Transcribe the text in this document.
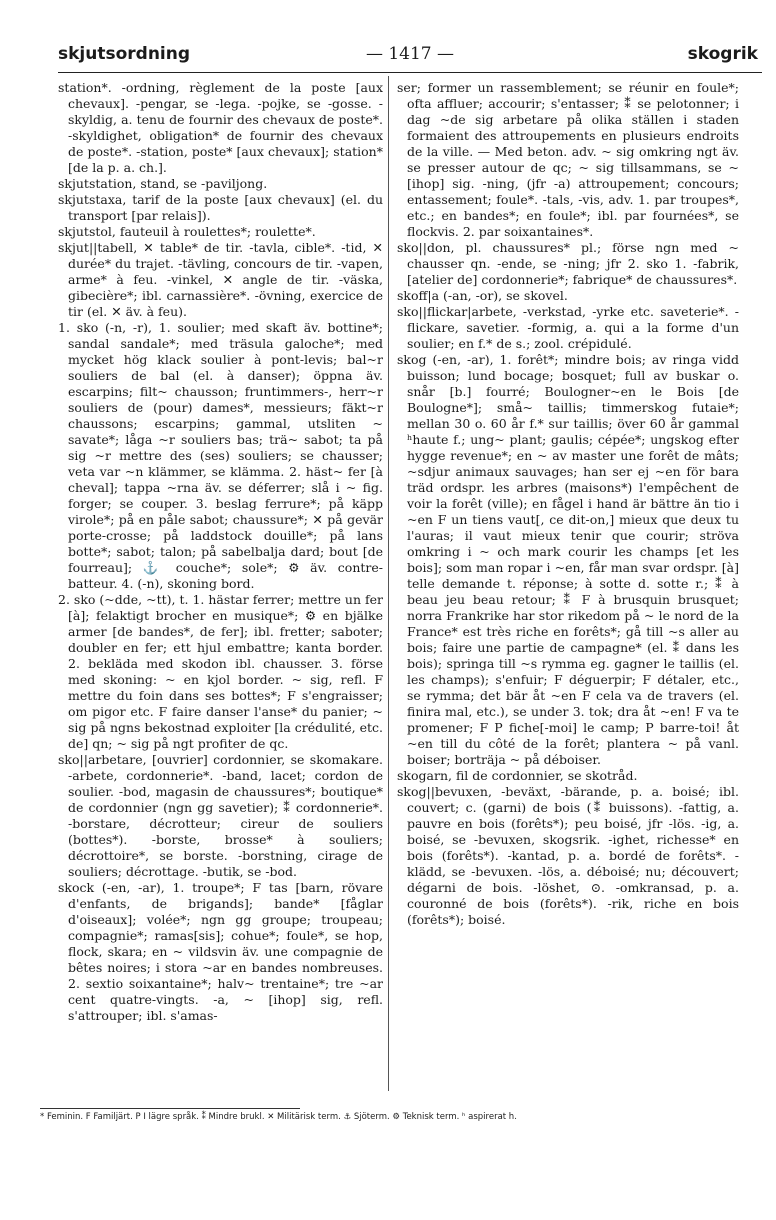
skjutsordning	— 1417 —	skogrik

station*. -ordning, règlement de la poste [aux chevaux]. -pengar, se -lega. -pojke, se -gosse. -skyldig, a. tenu de fournir des chevaux de poste*. -skyldighet, obligation* de fournir des chevaux de poste*. -station, poste* [aux chevaux]; station* [de la p. a. ch.].

skjutstation, stand, se -paviljong.

skjutstaxa, tarif de la poste [aux chevaux] (el. du transport [par relais]).

skjutstol, fauteuil à roulettes*; roulette*.

skjut||tabell, ✕ table* de tir. -tavla, cible*. -tid, ✕ durée* du trajet. -tävling, concours de tir. -vapen, arme* à feu. -vinkel, ✕ angle de tir. -väska, gibecière*; ibl. carnassière*. -övning, exercice de tir (el. ✕ äv. à feu).

1. sko (-n, -r), 1. soulier; med skaft äv. bottine*; sandal sandale*; med träsula galoche*; med mycket hög klack soulier à pont-levis; bal~r souliers de bal (el. à danser); öppna äv. escarpins; filt~ chausson; fruntimmers-, herr~r souliers de (pour) dames*, messieurs; fäkt~r chaussons; escarpins; gammal, utsliten ~ savate*; låga ~r souliers bas; trä~ sabot; ta på sig ~r mettre des (ses) souliers; se chausser; veta var ~n klämmer, se klämma. 2. häst~ fer [à cheval]; tappa ~rna äv. se déferrer; slå i ~ fig. forger; se couper. 3. beslag ferrure*; på käpp virole*; på en påle sabot; chaussure*; ✕ på gevär porte-crosse; på laddstock douille*; på lans botte*; sabot; talon; på sabelbalja dard; bout [de fourreau]; ⚓ couche*; sole*; ⚙ äv. contre-batteur. 4. (-n), skoning bord.

2. sko (~dde, ~tt), t. 1. hästar ferrer; mettre un fer [à]; felaktigt brocher en musique*; ⚙ en bjälke armer [de bandes*, de fer]; ibl. fretter; saboter; doubler en fer; ett hjul embattre; kanta border. 2. bekläda med skodon ibl. chausser. 3. förse med skoning: ~ en kjol border. ~ sig, refl. F mettre du foin dans ses bottes*; F s'engraisser; om pigor etc. F faire danser l'anse* du panier; ~ sig på ngns bekostnad exploiter [la crédulité, etc. de] qn; ~ sig på ngt profiter de qc.

sko||arbetare, [ouvrier] cordonnier, se skomakare. -arbete, cordonnerie*. -band, lacet; cordon de soulier. -bod, magasin de chaussures*; boutique* de cordonnier (ngn gg savetier); ⁑ cordonnerie*. -borstare, décrotteur; cireur de souliers (bottes*). -borste, brosse* à souliers; décrottoire*, se borste. -borstning, cirage de souliers; décrottage. -butik, se -bod.

skock (-en, -ar), 1. troupe*; F tas [barn, rövare d'enfants, de brigands]; bande* [fåglar d'oiseaux]; volée*; ngn gg groupe; troupeau; compagnie*; ramas[sis]; cohue*; foule*, se hop, flock, skara; en ~ vildsvin äv. une compagnie de bêtes noires; i stora ~ar en bandes nombreuses. 2. sextio soixantaine*; halv~ trentaine*; tre ~ar cent quatre-vingts. -a, ~ [ihop] sig, refl. s'attrouper; ibl. s'amas-

ser; former un rassemblement; se réunir en foule*; ofta affluer; accourir; s'entasser; ⁑ se pelotonner; i dag ~de sig arbetare på olika ställen i staden formaient des attroupements en plusieurs endroits de la ville. — Med beton. adv. ~ sig omkring ngt äv. se presser autour de qc; ~ sig tillsammans, se ~ [ihop] sig. -ning, (jfr -a) attroupement; concours; entassement; foule*. -tals, -vis, adv. 1. par troupes*, etc.; en bandes*; en foule*; ibl. par fournées*, se flockvis. 2. par soixantaines*.

sko||don, pl. chaussures* pl.; förse ngn med ~ chausser qn. -ende, se -ning; jfr 2. sko 1. -fabrik, [atelier de] cordonnerie*; fabrique* de chaussures*.

skoff|a (-an, -or), se skovel.

sko||flickar|arbete, -verkstad, -yrke etc. saveterie*. -flickare, savetier. -formig, a. qui a la forme d'un soulier; en f.* de s.; zool. crépidulé.

skog (-en, -ar), 1. forêt*; mindre bois; av ringa vidd buisson; lund bocage; bosquet; full av buskar o. snår [b.] fourré; Boulogner~en le Bois [de Boulogne*]; små~ taillis; timmerskog futaie*; mellan 30 o. 60 år f.* sur taillis; över 60 år gammal ʰhaute f.; ung~ plant; gaulis; cépée*; ungskog efter hygge revenue*; en ~ av master une forêt de mâts; ~sdjur animaux sauvages; han ser ej ~en för bara träd ordspr. les arbres (maisons*) l'empêchent de voir la forêt (ville); en fågel i hand är bättre än tio i ~en F un tiens vaut[, ce dit-on,] mieux que deux tu l'auras; il vaut mieux tenir que courir; ströva omkring i ~ och mark courir les champs [et les bois]; som man ropar i ~en, får man svar ordspr. [à] telle demande t. réponse; à sotte d. sotte r.; ⁑ à beau jeu beau retour; ⁑ F à brusquin brusquet; norra Frankrike har stor rikedom på ~ le nord de la France* est très riche en forêts*; gå till ~s aller au bois; faire une partie de campagne* (el. ⁑ dans les bois); springa till ~s rymma eg. gagner le taillis (el. les champs); s'enfuir; F déguerpir; F détaler, etc., se rymma; det bär åt ~en F cela va de travers (el. finira mal, etc.), se under 3. tok; dra åt ~en! F va te promener; F P fiche[-moi] le camp; P barre-toi! åt ~en till du côté de la forêt; plantera ~ på vanl. boiser; borträja ~ på déboiser.

skogarn, fil de cordonnier, se skotråd.

skog||bevuxen, -beväxt, -bärande, p. a. boisé; ibl. couvert; c. (garni) de bois (⁑ buissons). -fattig, a. pauvre en bois (forêts*); peu boisé, jfr -lös. -ig, a. boisé, se -bevuxen, skogsrik. -ighet, richesse* en bois (forêts*). -kantad, p. a. bordé de forêts*. -klädd, se -bevuxen. -lös, a. déboisé; nu; découvert; dégarni de bois. -löshet, ⊙. -omkransad, p. a. couronné de bois (forêts*). -rik, riche en bois (forêts*); boisé.

* Feminin. F Familjärt. P I lägre språk. ⁑ Mindre brukl. ✕ Militärisk term. ⚓ Sjöterm. ⚙ Teknisk term. ʰ aspirerat h.
